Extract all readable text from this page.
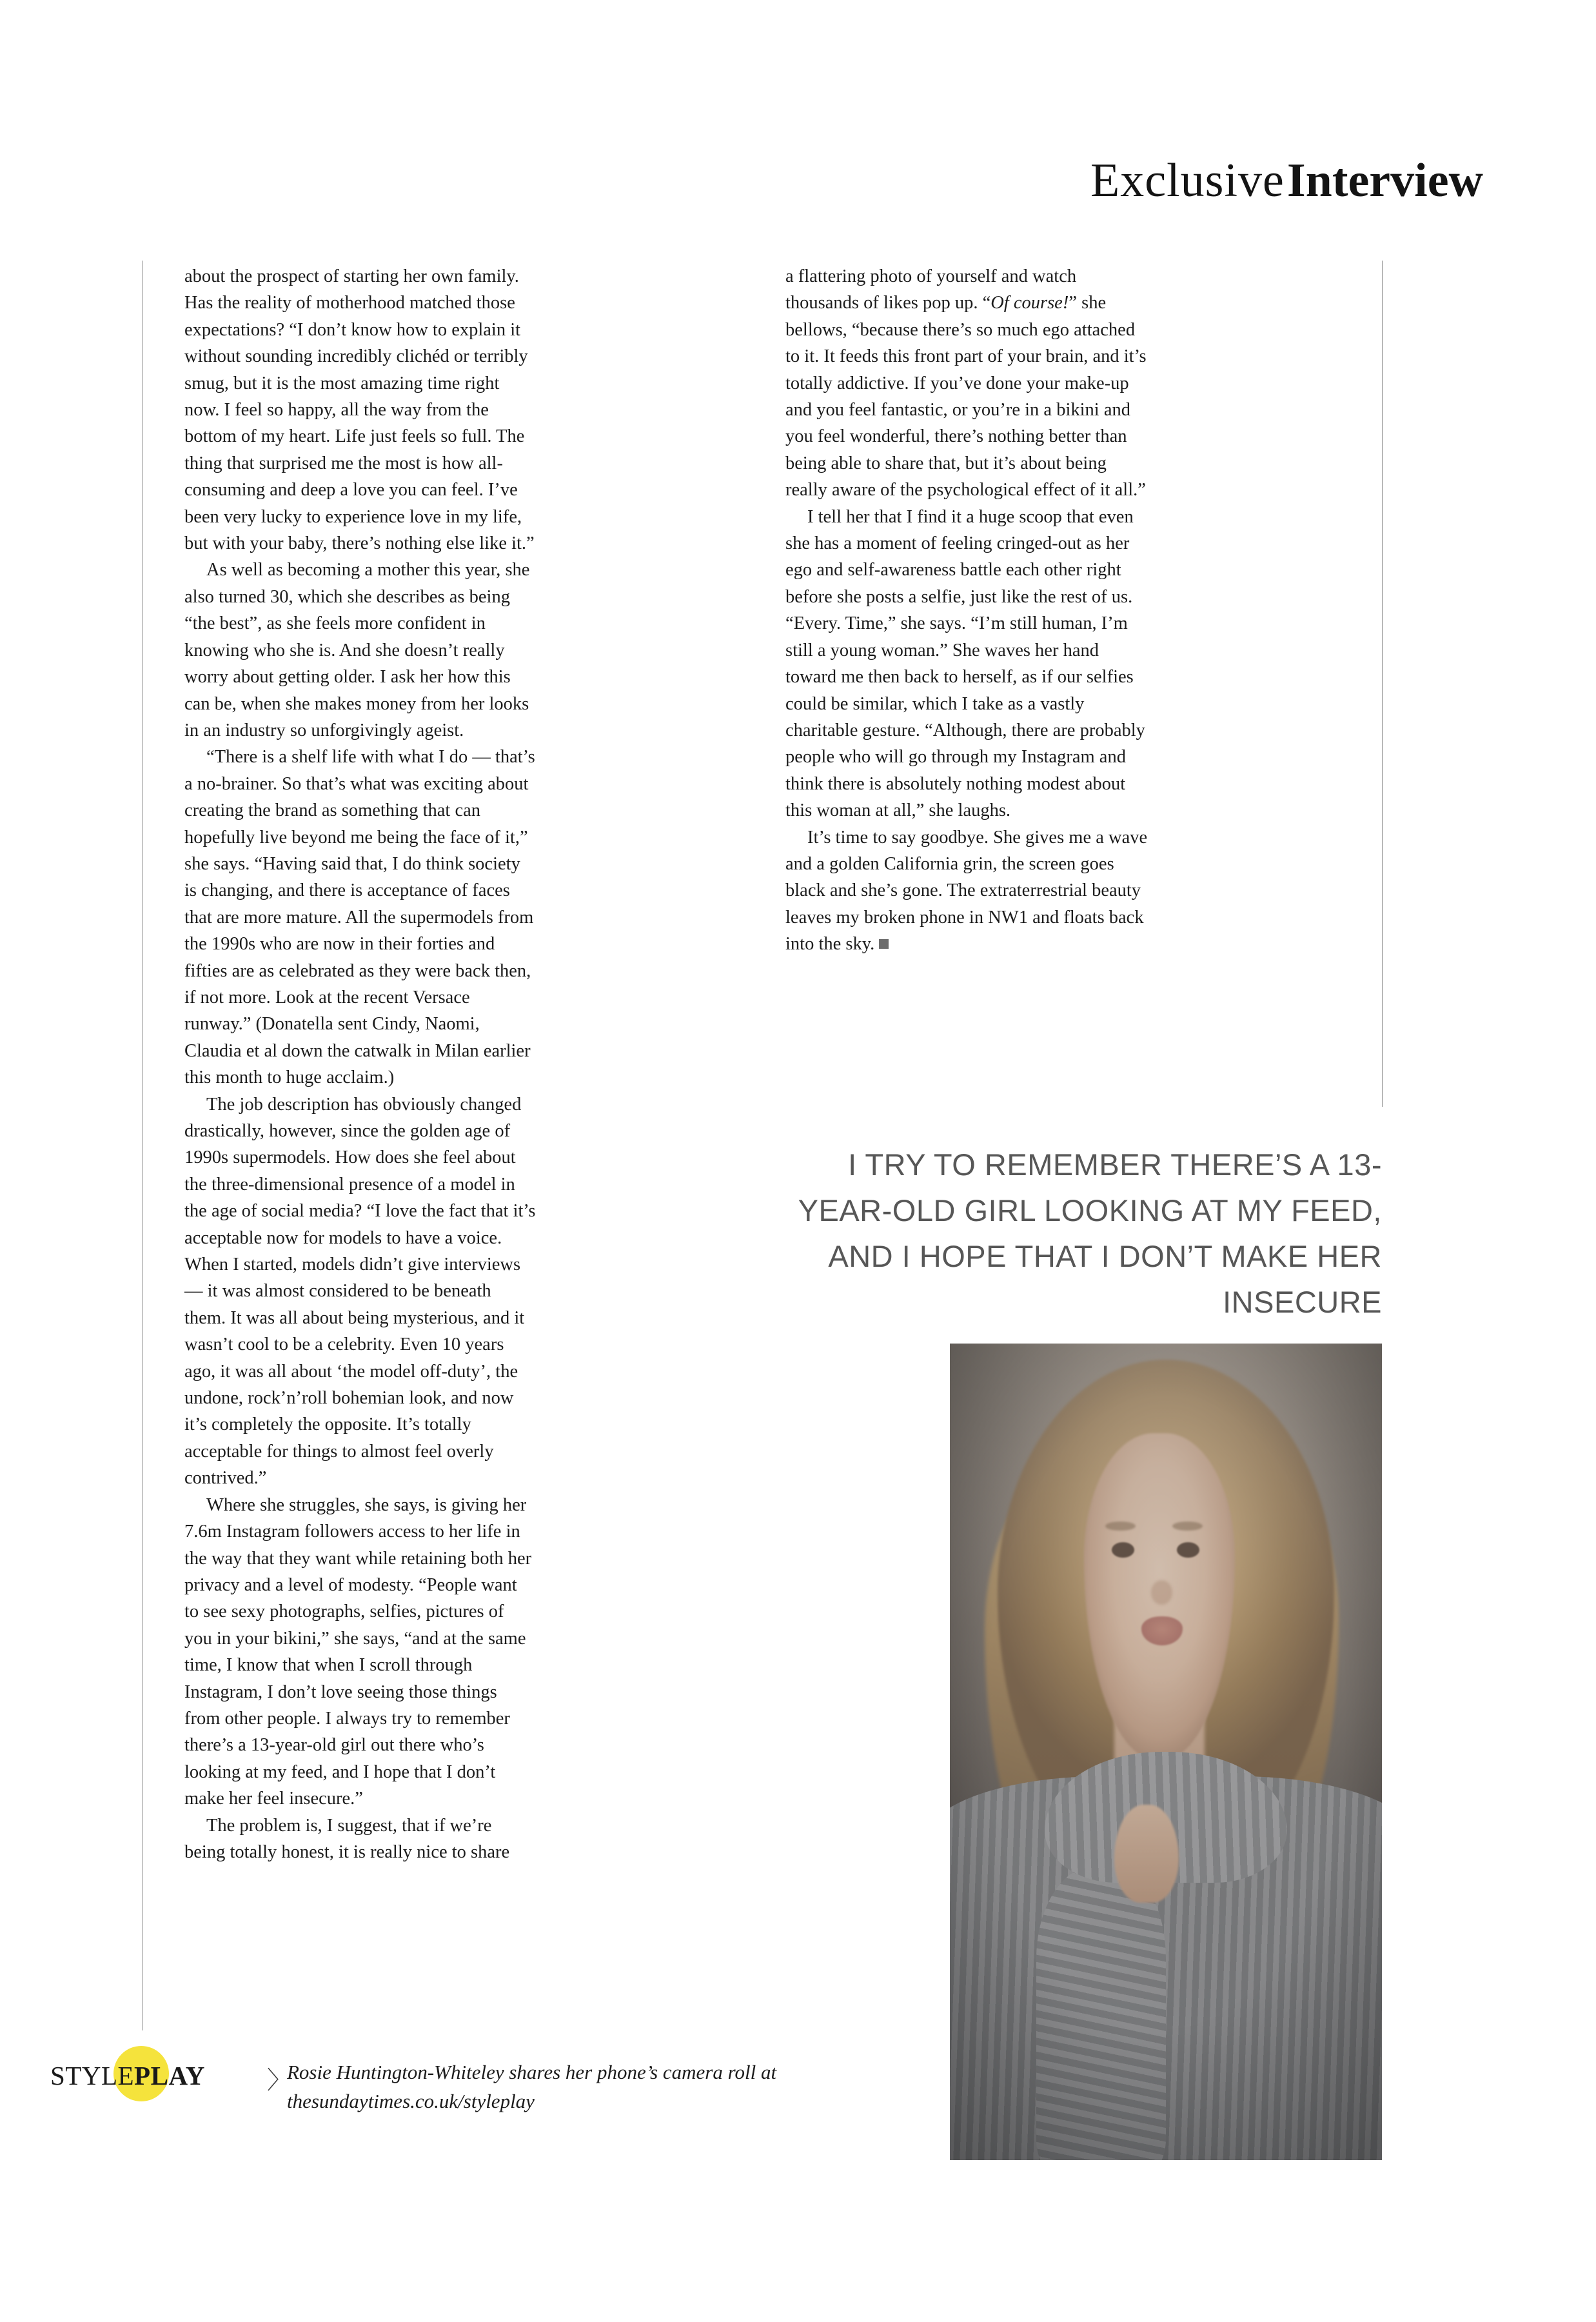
Exclusive Interview

about the prospect of starting her own family. Has the reality of motherhood matched those expectations? “I don’t know how to explain it without sounding incredibly clichéd or terribly smug, but it is the most amazing time right now. I feel so happy, all the way from the bottom of my heart. Life just feels so full. The thing that surprised me the most is how all-consuming and deep a love you can feel. I’ve been very lucky to experience love in my life, but with your baby, there’s nothing else like it.”

As well as becoming a mother this year, she also turned 30, which she describes as being “the best”, as she feels more confident in knowing who she is. And she doesn’t really worry about getting older. I ask her how this can be, when she makes money from her looks in an industry so unforgivingly ageist.

“There is a shelf life with what I do — that’s a no-brainer. So that’s what was exciting about creating the brand as something that can hopefully live beyond me being the face of it,” she says. “Having said that, I do think society is changing, and there is acceptance of faces that are more mature. All the supermodels from the 1990s who are now in their forties and fifties are as celebrated as they were back then, if not more. Look at the recent Versace runway.” (Donatella sent Cindy, Naomi, Claudia et al down the catwalk in Milan earlier this month to huge acclaim.)

The job description has obviously changed drastically, however, since the golden age of 1990s supermodels. How does she feel about the three-dimensional presence of a model in the age of social media? “I love the fact that it’s acceptable now for models to have a voice. When I started, models didn’t give interviews — it was almost considered to be beneath them. It was all about being mysterious, and it wasn’t cool to be a celebrity. Even 10 years ago, it was all about ‘the model off-duty’, the undone, rock’n’roll bohemian look, and now it’s completely the opposite. It’s totally acceptable for things to almost feel overly contrived.”

Where she struggles, she says, is giving her 7.6m Instagram followers access to her life in the way that they want while retaining both her privacy and a level of modesty. “People want to see sexy photographs, selfies, pictures of you in your bikini,” she says, “and at the same time, I know that when I scroll through Instagram, I don’t love seeing those things from other people. I always try to remember there’s a 13-year-old girl out there who’s looking at my feed, and I hope that I don’t make her feel insecure.”

The problem is, I suggest, that if we’re being totally honest, it is really nice to share

a flattering photo of yourself and watch thousands of likes pop up. “Of course!” she bellows, “because there’s so much ego attached to it. It feeds this front part of your brain, and it’s totally addictive. If you’ve done your make-up and you feel fantastic, or you’re in a bikini and you feel wonderful, there’s nothing better than being able to share that, but it’s about being really aware of the psychological effect of it all.”

I tell her that I find it a huge scoop that even she has a moment of feeling cringed-out as her ego and self-awareness battle each other right before she posts a selfie, just like the rest of us. “Every. Time,” she says. “I’m still human, I’m still a young woman.” She waves her hand toward me then back to herself, as if our selfies could be similar, which I take as a vastly charitable gesture. “Although, there are probably people who will go through my Instagram and think there is absolutely nothing modest about this woman at all,” she laughs.

It’s time to say goodbye. She gives me a wave and a golden California grin, the screen goes black and she’s gone. The extraterrestrial beauty leaves my broken phone in NW1 and floats back into the sky.

I TRY TO REMEMBER THERE’S A 13-YEAR-OLD GIRL LOOKING AT MY FEED, AND I HOPE THAT I DON’T MAKE HER INSECURE
STYLEPLAY	〉
Rosie Huntington-Whiteley shares her phone’s camera roll at thesundaytimes.co.uk/styleplay
